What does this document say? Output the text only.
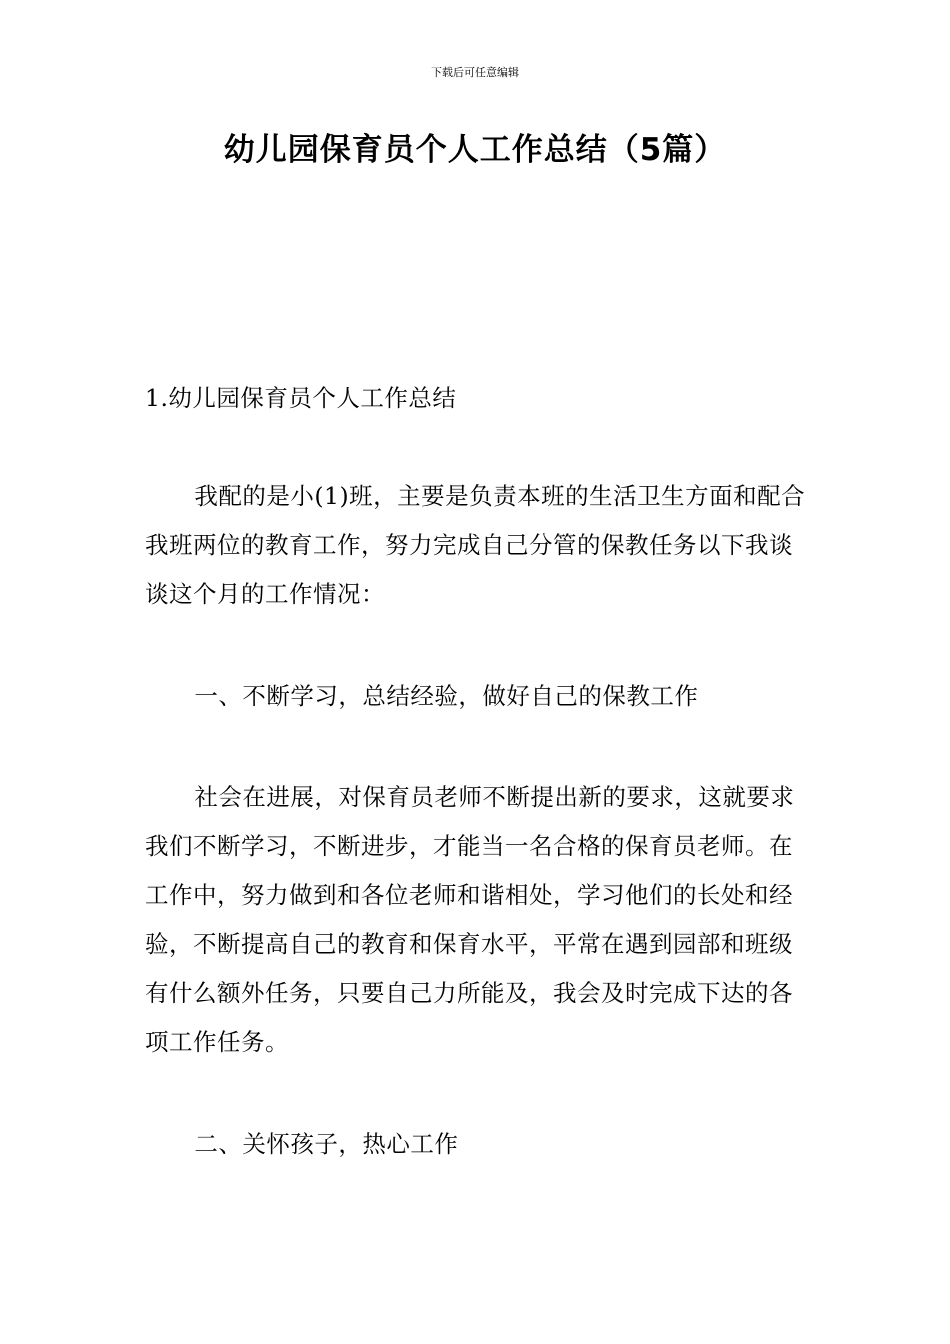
下载后可任意编辑
幼儿园保育员个人工作总结（5篇）
1.幼儿园保育员个人工作总结
我配的是小(1)班，主要是负责本班的生活卫生方面和配合我班两位的教育工作，努力完成自己分管的保教任务以下我谈谈这个月的工作情况：
一、不断学习，总结经验，做好自己的保教工作
社会在进展，对保育员老师不断提出新的要求，这就要求我们不断学习，不断进步，才能当一名合格的保育员老师。在工作中，努力做到和各位老师和谐相处，学习他们的长处和经验，不断提高自己的教育和保育水平，平常在遇到园部和班级有什么额外任务，只要自己力所能及，我会及时完成下达的各项工作任务。
二、关怀孩子，热心工作
